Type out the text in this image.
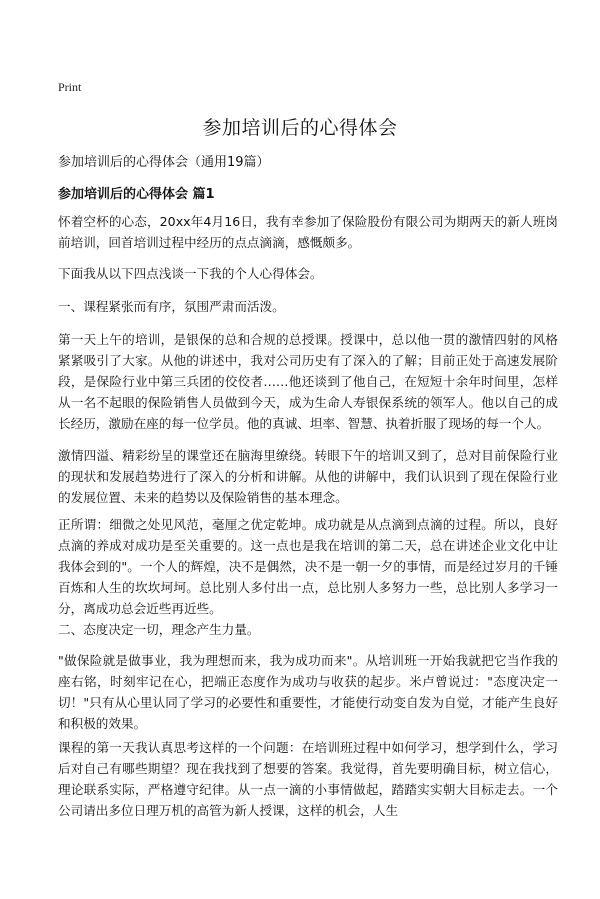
Print
参加培训后的心得体会
参加培训后的心得体会（通用19篇）
参加培训后的心得体会 篇1
怀着空杯的心态，20xx年4月16日，我有幸参加了保险股份有限公司为期两天的新人班岗前培训，回首培训过程中经历的点点滴滴，感慨颇多。
下面我从以下四点浅谈一下我的个人心得体会。
一、课程紧张而有序，氛围严肃而活泼。
第一天上午的培训，是银保的总和合规的总授课。授课中，总以他一贯的激情四射的风格紧紧吸引了大家。从他的讲述中，我对公司历史有了深入的了解；目前正处于高速发展阶段，是保险行业中第三兵团的佼佼者……他还谈到了他自己，在短短十余年时间里，怎样从一名不起眼的保险销售人员做到今天，成为生命人寿银保系统的领军人。他以自己的成长经历，激励在座的每一位学员。他的真诚、坦率、智慧、执着折服了现场的每一个人。
激情四溢、精彩纷呈的课堂还在脑海里缭绕。转眼下午的培训又到了，总对目前保险行业的现状和发展趋势进行了深入的分析和讲解。从他的讲解中，我们认识到了现在保险行业的发展位置、未来的趋势以及保险销售的基本理念。
正所谓：细微之处见风范，毫厘之优定乾坤。成功就是从点滴到点滴的过程。所以，良好点滴的养成对成功是至关重要的。这一点也是我在培训的第二天，总在讲述企业文化中让我体会到的"。一个人的辉煌，决不是偶然，决不是一朝一夕的事情，而是经过岁月的千锤百炼和人生的坎坎坷坷。总比别人多付出一点，总比别人多努力一些，总比别人多学习一分，离成功总会近些再近些。
二、态度决定一切，理念产生力量。
"做保险就是做事业，我为理想而来，我为成功而来"。从培训班一开始我就把它当作我的座右铭，时刻牢记在心，把端正态度作为成功与收获的起步。米卢曾说过："态度决定一切！"只有从心里认同了学习的必要性和重要性，才能使行动变自发为自觉，才能产生良好和积极的效果。
课程的第一天我认真思考这样的一个问题：在培训班过程中如何学习，想学到什么，学习后对自己有哪些期望？现在我找到了想要的答案。我觉得，首先要明确目标，树立信心，理论联系实际，严格遵守纪律。从一点一滴的小事情做起，踏踏实实朝大目标走去。一个公司请出多位日理万机的高管为新人授课，这样的机会，人生
